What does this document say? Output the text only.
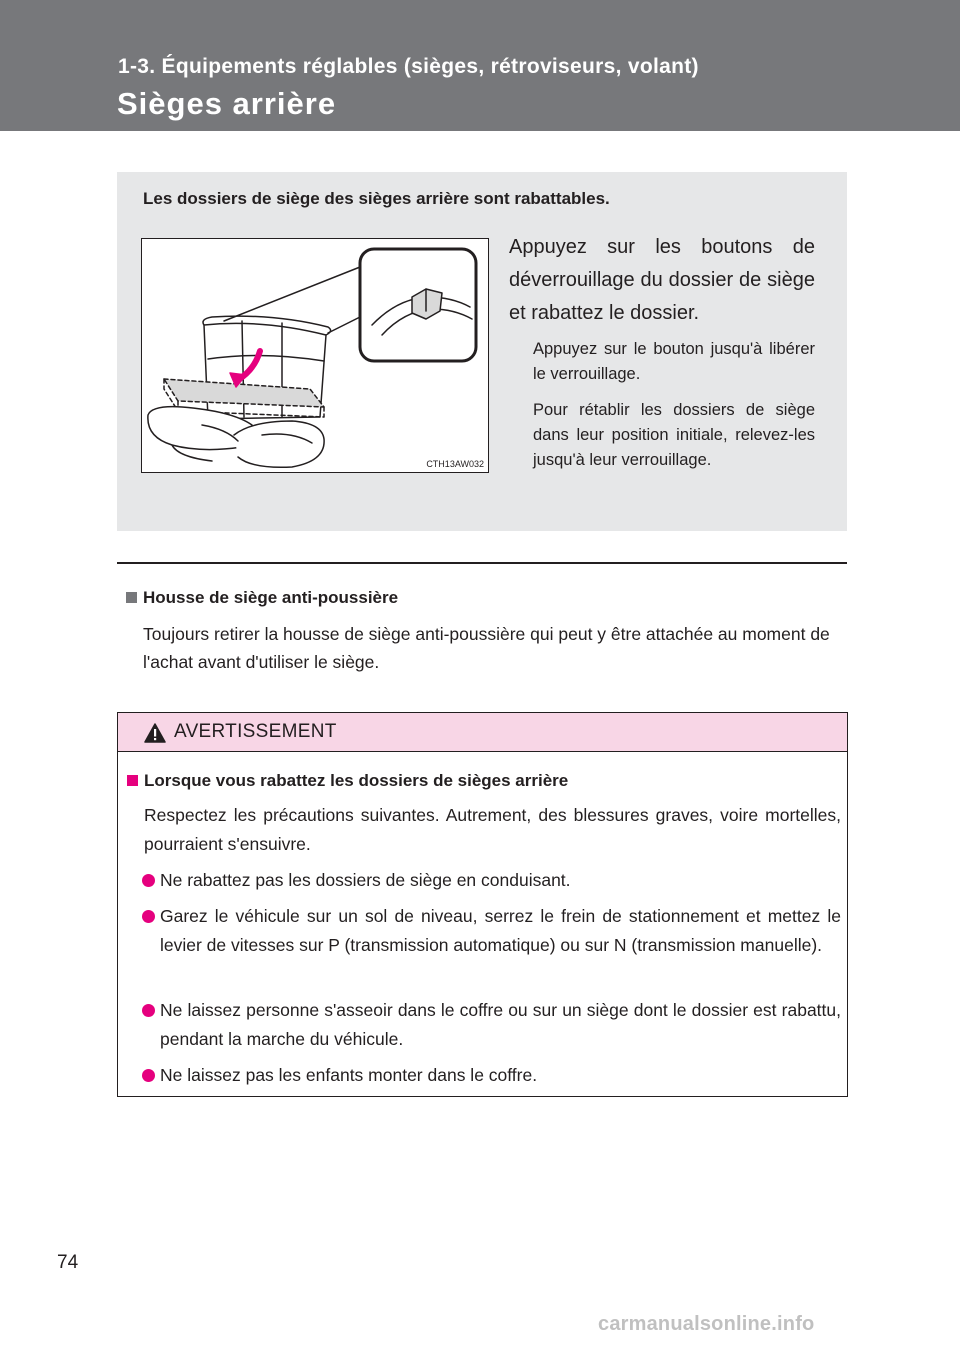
1-3. Équipements réglables (sièges, rétroviseurs, volant)

Sièges arrière

Les dossiers de siège des sièges arrière sont rabattables.

CTH13AW032

Appuyez sur les boutons de déverrouillage du dossier de siège et rabattez le dossier.

Appuyez sur le bouton jusqu'à libérer le verrouillage.

Pour rétablir les dossiers de siège dans leur position initiale, relevez-les jusqu'à leur verrouillage.

Housse de siège anti-poussière

Toujours retirer la housse de siège anti-poussière qui peut y être attachée au moment de l'achat avant d'utiliser le siège.

AVERTISSEMENT

Lorsque vous rabattez les dossiers de sièges arrière

Respectez les précautions suivantes. Autrement, des blessures graves, voire mortelles, pourraient s'ensuivre.

Ne rabattez pas les dossiers de siège en conduisant.

Garez le véhicule sur un sol de niveau, serrez le frein de stationnement et mettez le levier de vitesses sur P (transmission automatique) ou sur N (transmission manuelle).

Ne laissez personne s'asseoir dans le coffre ou sur un siège dont le dossier est rabattu, pendant la marche du véhicule.

Ne laissez pas les enfants monter dans le coffre.

74

carmanualsonline.info
